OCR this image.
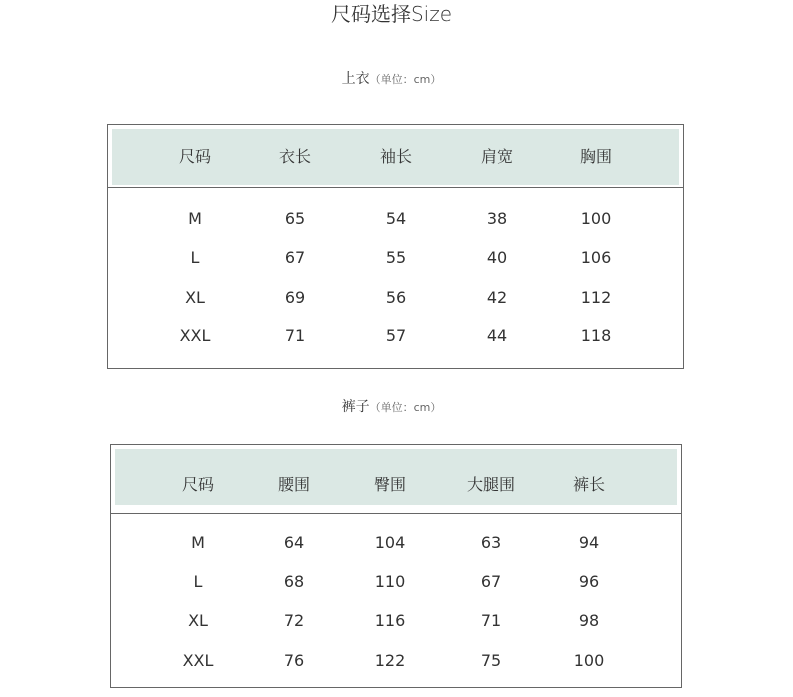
尺码选择Size
上衣（单位：cm）
尺码	衣长	袖长	肩宽	胸围
M	65	54	38	100
L	67	55	40	106
XL	69	56	42	112
XXL	71	57	44	118
裤子（单位：cm）
尺码	腰围	臀围	大腿围	裤长
M	64	104	63	94
L	68	110	67	96
XL	72	116	71	98
XXL	76	122	75	100
